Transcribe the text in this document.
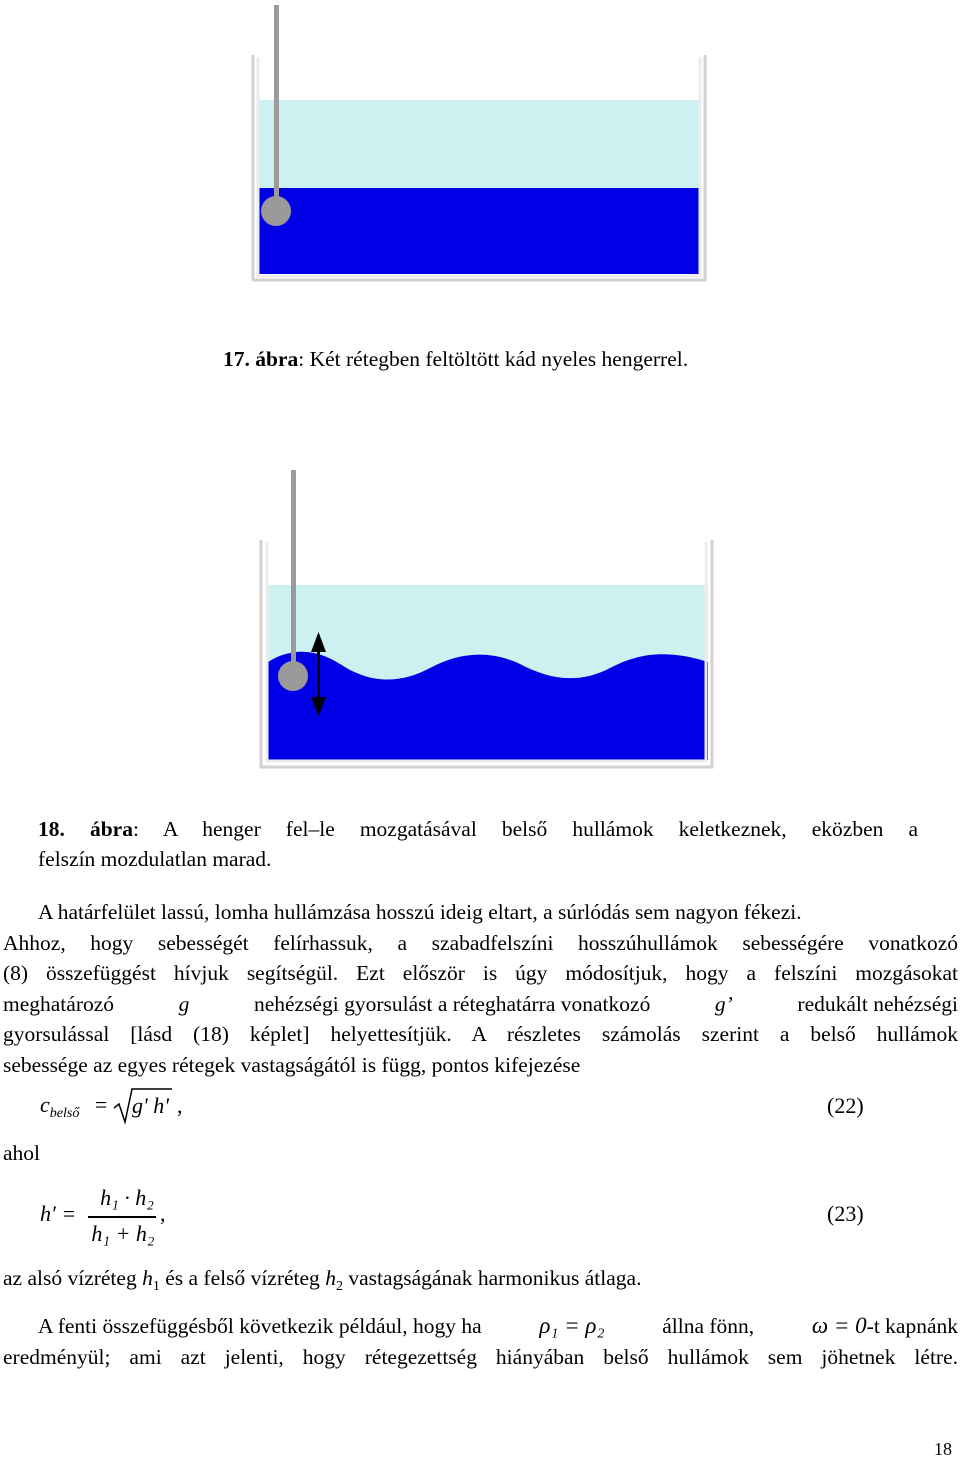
17. ábra: Két rétegben feltöltött kád nyeles hengerrel.
18. ábra: A henger fel–le mozgatásával belső hullámok keletkeznek, eközben a
felszín mozdulatlan marad.
A határfelület lassú, lomha hullámzása hosszú ideig eltart, a súrlódás sem nagyon fékezi.
Ahhoz, hogy sebességét felírhassuk, a szabadfelszíni hosszúhullámok sebességére vonatkozó
(8) összefüggést hívjuk segítségül. Ezt először is úgy módosítjuk, hogy a felszíni mozgásokat
meghatározó	g	nehézségi gyorsulást a réteghatárra vonatkozó	g’	redukált nehézségi
gyorsulással [lásd (18) képlet] helyettesítjük. A részletes számolás szerint a belső hullámok
sebessége az egyes rétegek vastagságától is függ, pontos kifejezése
$c_{belső} = g'$ h' ,	(22)
ahol
h′ =
h₁ · h₂
h₁ + h₂
,	(23)
az alsó vízréteg $h_1$ és a felső vízréteg $h_2$ vastagságának harmonikus átlaga.
A fenti összefüggésből következik például, hogy ha	ρ₁ = ρ₂	állna fönn,	ω = 0-t kapnánk
eredményül; ami azt jelenti, hogy rétegezettség hiányában belső hullámok sem jöhetnek létre.
18
